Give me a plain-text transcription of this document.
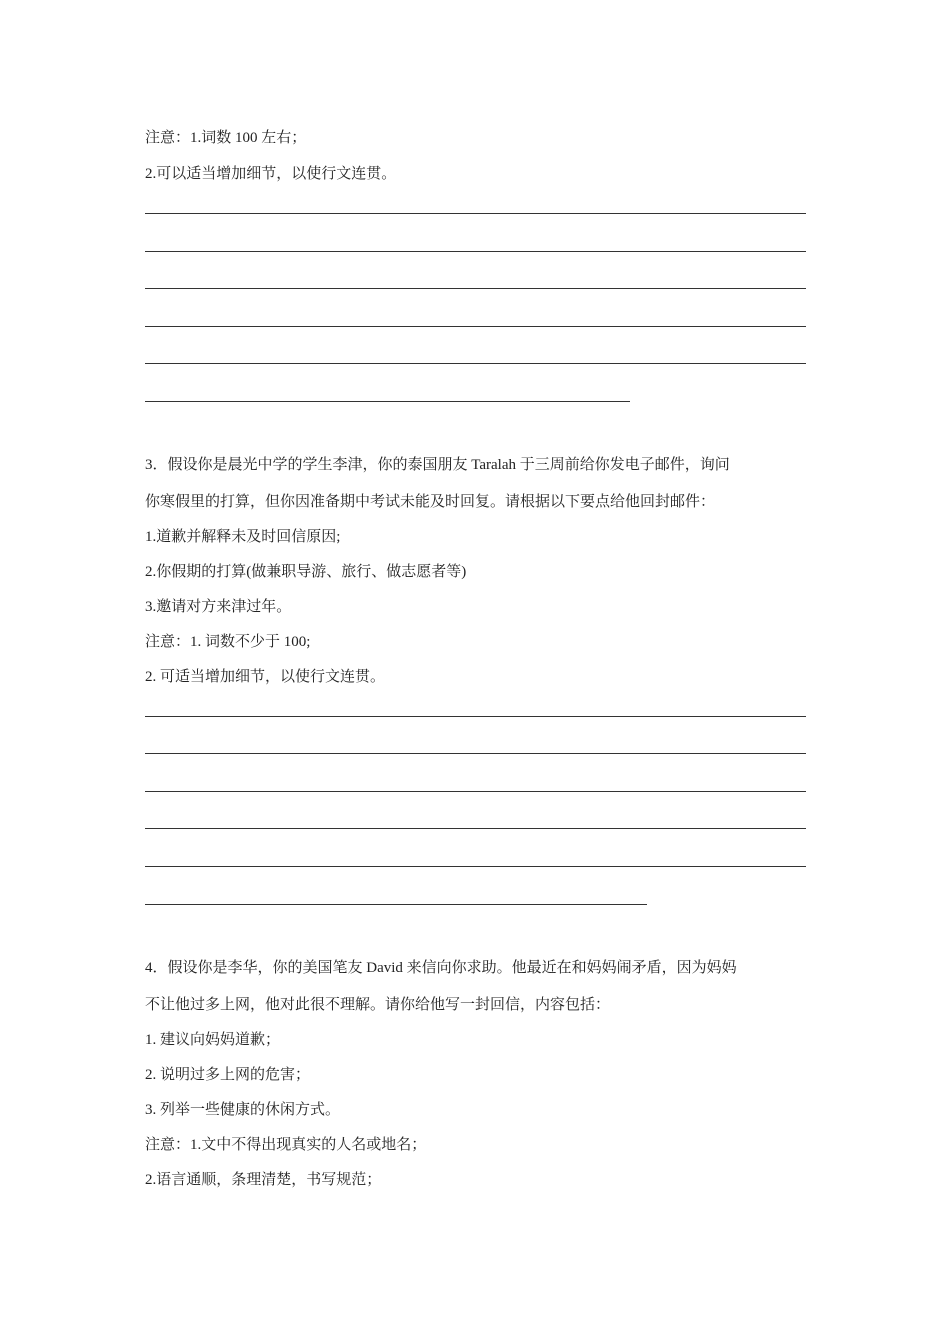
注意：1.词数 100 左右；
2.可以适当增加细节，以使行文连贯。
3．假设你是晨光中学的学生李津，你的泰国朋友 Taralah 于三周前给你发电子邮件，询问
你寒假里的打算，但你因准备期中考试未能及时回复。请根据以下要点给他回封邮件：
1.道歉并解释未及时回信原因;
2.你假期的打算(做兼职导游、旅行、做志愿者等)
3.邀请对方来津过年。
注意：1. 词数不少于 100;
2. 可适当增加细节，以使行文连贯。
4．假设你是李华，你的美国笔友 David 来信向你求助。他最近在和妈妈闹矛盾，因为妈妈
不让他过多上网，他对此很不理解。请你给他写一封回信，内容包括：
1. 建议向妈妈道歉；
2. 说明过多上网的危害；
3. 列举一些健康的休闲方式。
注意：1.文中不得出现真实的人名或地名；
2.语言通顺，条理清楚，书写规范；
